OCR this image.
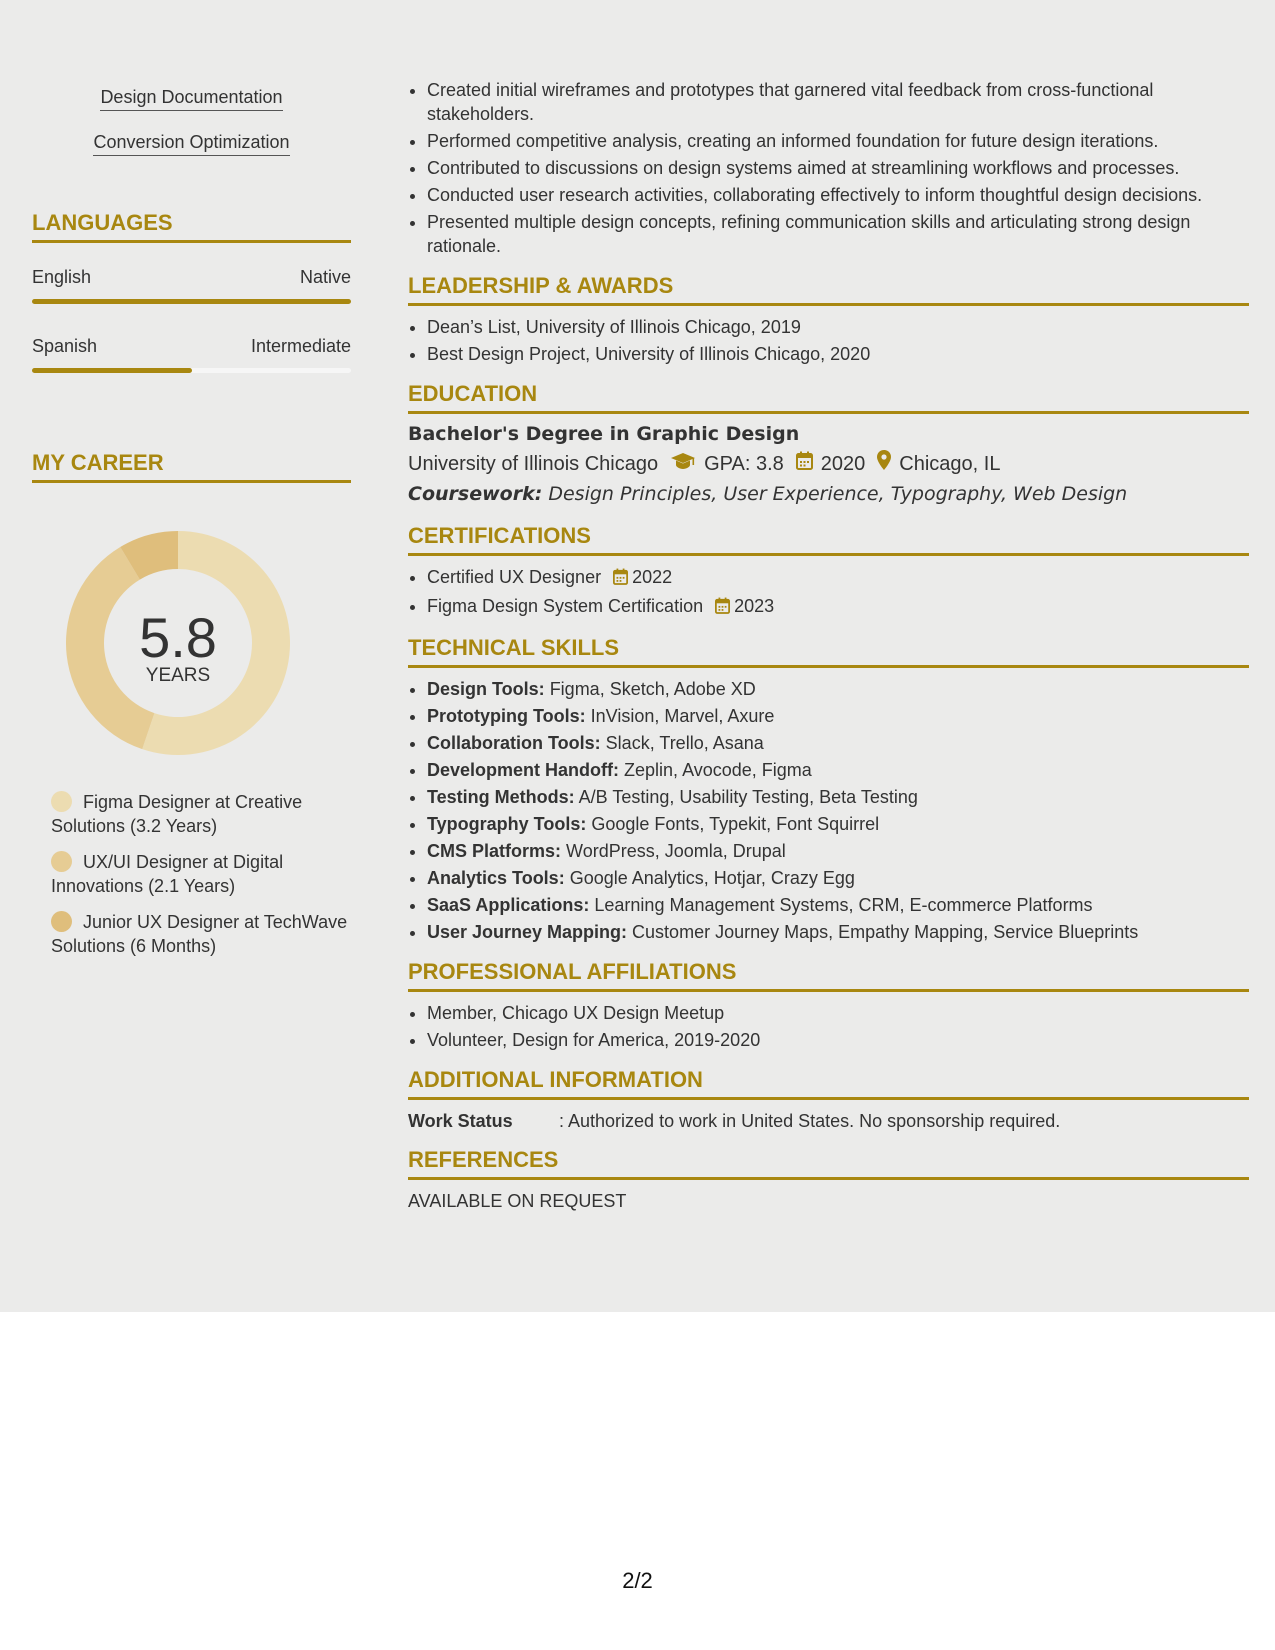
Design Documentation
Conversion Optimization
LANGUAGES
English	Native
Spanish	Intermediate
MY CAREER
5.8
YEARS
Figma Designer at Creative Solutions (3.2 Years)
UX/UI Designer at Digital Innovations (2.1 Years)
Junior UX Designer at TechWave Solutions (6 Months)
• Created initial wireframes and prototypes that garnered vital feedback from cross-functional stakeholders.
• Performed competitive analysis, creating an informed foundation for future design iterations.
• Contributed to discussions on design systems aimed at streamlining workflows and processes.
• Conducted user research activities, collaborating effectively to inform thoughtful design decisions.
• Presented multiple design concepts, refining communication skills and articulating strong design rationale.
LEADERSHIP & AWARDS
• Dean’s List, University of Illinois Chicago, 2019
• Best Design Project, University of Illinois Chicago, 2020
EDUCATION
Bachelor's Degree in Graphic Design
University of Illinois Chicago GPA: 3.8 2020 Chicago, IL
Coursework: Design Principles, User Experience, Typography, Web Design
CERTIFICATIONS
• Certified UX Designer 2022
• Figma Design System Certification 2023
TECHNICAL SKILLS
• Design Tools: Figma, Sketch, Adobe XD
• Prototyping Tools: InVision, Marvel, Axure
• Collaboration Tools: Slack, Trello, Asana
• Development Handoff: Zeplin, Avocode, Figma
• Testing Methods: A/B Testing, Usability Testing, Beta Testing
• Typography Tools: Google Fonts, Typekit, Font Squirrel
• CMS Platforms: WordPress, Joomla, Drupal
• Analytics Tools: Google Analytics, Hotjar, Crazy Egg
• SaaS Applications: Learning Management Systems, CRM, E-commerce Platforms
• User Journey Mapping: Customer Journey Maps, Empathy Mapping, Service Blueprints
PROFESSIONAL AFFILIATIONS
• Member, Chicago UX Design Meetup
• Volunteer, Design for America, 2019-2020
ADDITIONAL INFORMATION
Work Status	: Authorized to work in United States. No sponsorship required.
REFERENCES
AVAILABLE ON REQUEST
2/2
